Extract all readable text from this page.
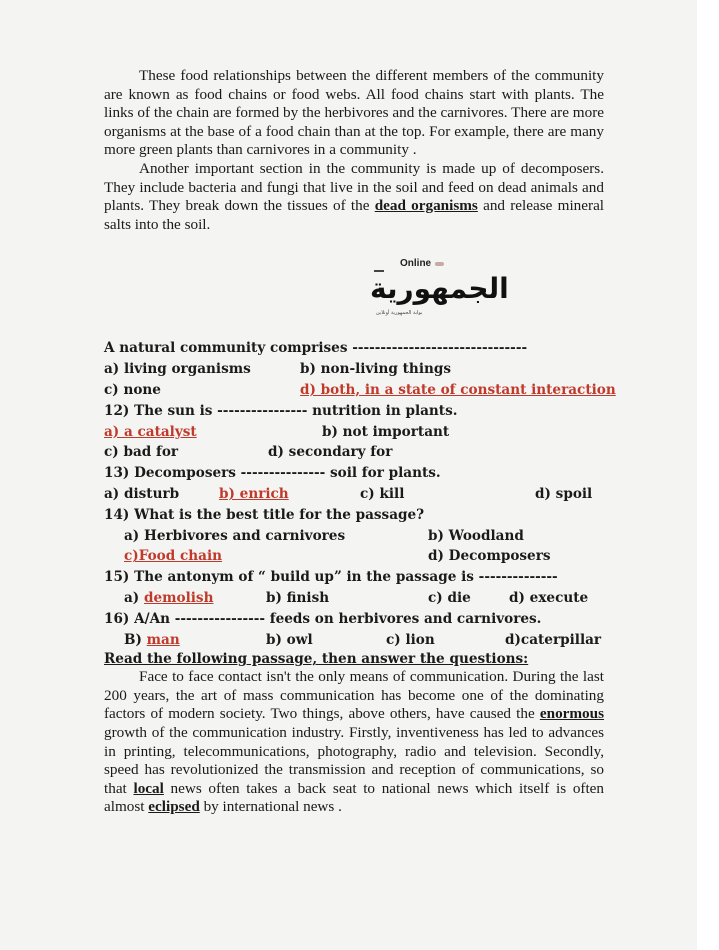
These food relationships between the different members of the community are known as food chains or food webs. All food chains start with plants. The links of the chain are formed by the herbivores and the carnivores. There are more organisms at the base of a food chain than at the top. For example, there are many more green plants than carnivores in a community .

Another important section in the community is made up of decomposers. They include bacteria and fungi that live in the soil and feed on dead animals and plants. They break down the tissues of the dead organisms and release mineral salts into the soil.

Online
الجمهورية
بوابة الجمهورية أونلاين
A natural community comprises -------------------------------
a) living organisms	b) non-living things
c) none	d) both, in a state of constant interaction
12) The sun is ---------------- nutrition in plants.
a) a catalyst	b) not important
c) bad for	d) secondary for
13) Decomposers --------------- soil for plants.
a) disturb	b) enrich	c) kill	d) spoil
14) What is the best title for the passage?
a) Herbivores and carnivores	b) Woodland
c)Food chain	d) Decomposers
15) The antonym of “ build up” in the passage is --------------
a) demolish	b) finish	c) die	d) execute
16) A/An ---------------- feeds on herbivores and carnivores.
B) man	b) owl	c) lion	d)caterpillar
Read the following passage, then answer the questions:

Face to face contact isn't the only means of communication. During the last 200 years, the art of mass communication has become one of the dominating factors of modern society. Two things, above others, have caused the enormous growth of the communication industry. Firstly, inventiveness has led to advances in printing, telecommunications, photography, radio and television. Secondly, speed has revolutionized the transmission and reception of communications, so that local news often takes a back seat to national news which itself is often almost eclipsed by international news .
